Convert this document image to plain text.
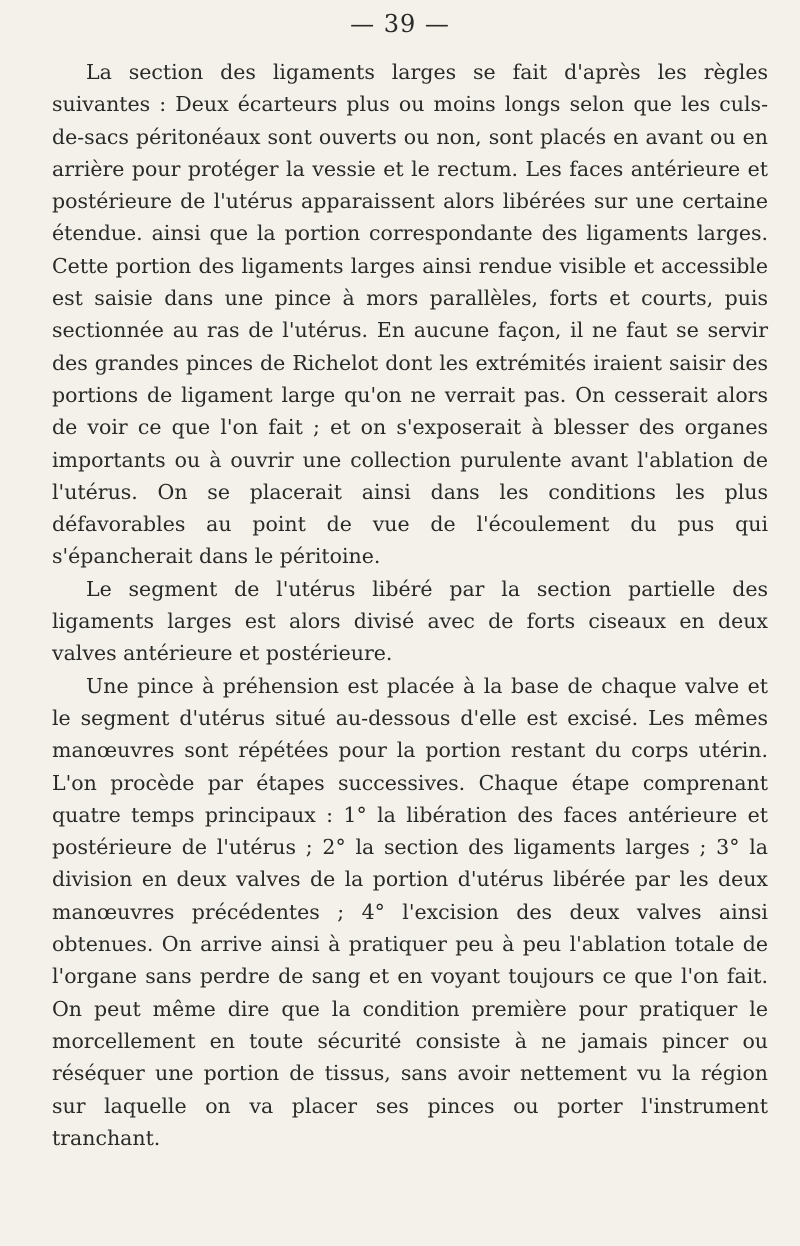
— 39 —

La section des ligaments larges se fait d'après les règles suivantes : Deux écarteurs plus ou moins longs selon que les culs-de-sacs péritonéaux sont ouverts ou non, sont placés en avant ou en arrière pour protéger la vessie et le rectum. Les faces antérieure et postérieure de l'utérus apparaissent alors libérées sur une certaine étendue. ainsi que la portion correspondante des ligaments larges. Cette portion des ligaments larges ainsi rendue visible et accessible est saisie dans une pince à mors parallèles, forts et courts, puis sectionnée au ras de l'utérus. En aucune façon, il ne faut se servir des grandes pinces de Richelot dont les extrémités iraient saisir des portions de ligament large qu'on ne verrait pas. On cesserait alors de voir ce que l'on fait ; et on s'exposerait à blesser des organes importants ou à ouvrir une collection purulente avant l'ablation de l'utérus. On se placerait ainsi dans les conditions les plus défavorables au point de vue de l'écoulement du pus qui s'épancherait dans le péritoine.

Le segment de l'utérus libéré par la section partielle des ligaments larges est alors divisé avec de forts ciseaux en deux valves antérieure et postérieure.

Une pince à préhension est placée à la base de chaque valve et le segment d'utérus situé au-dessous d'elle est excisé. Les mêmes manœuvres sont répétées pour la portion restant du corps utérin. L'on procède par étapes successives. Chaque étape comprenant quatre temps principaux : 1° la libération des faces antérieure et postérieure de l'utérus ; 2° la section des ligaments larges ; 3° la division en deux valves de la portion d'utérus libérée par les deux manœuvres précédentes ; 4° l'excision des deux valves ainsi obtenues. On arrive ainsi à pratiquer peu à peu l'ablation totale de l'organe sans perdre de sang et en voyant toujours ce que l'on fait. On peut même dire que la condition première pour pratiquer le morcellement en toute sécurité consiste à ne jamais pincer ou réséquer une portion de tissus, sans avoir nettement vu la région sur laquelle on va placer ses pinces ou porter l'instrument tranchant.
